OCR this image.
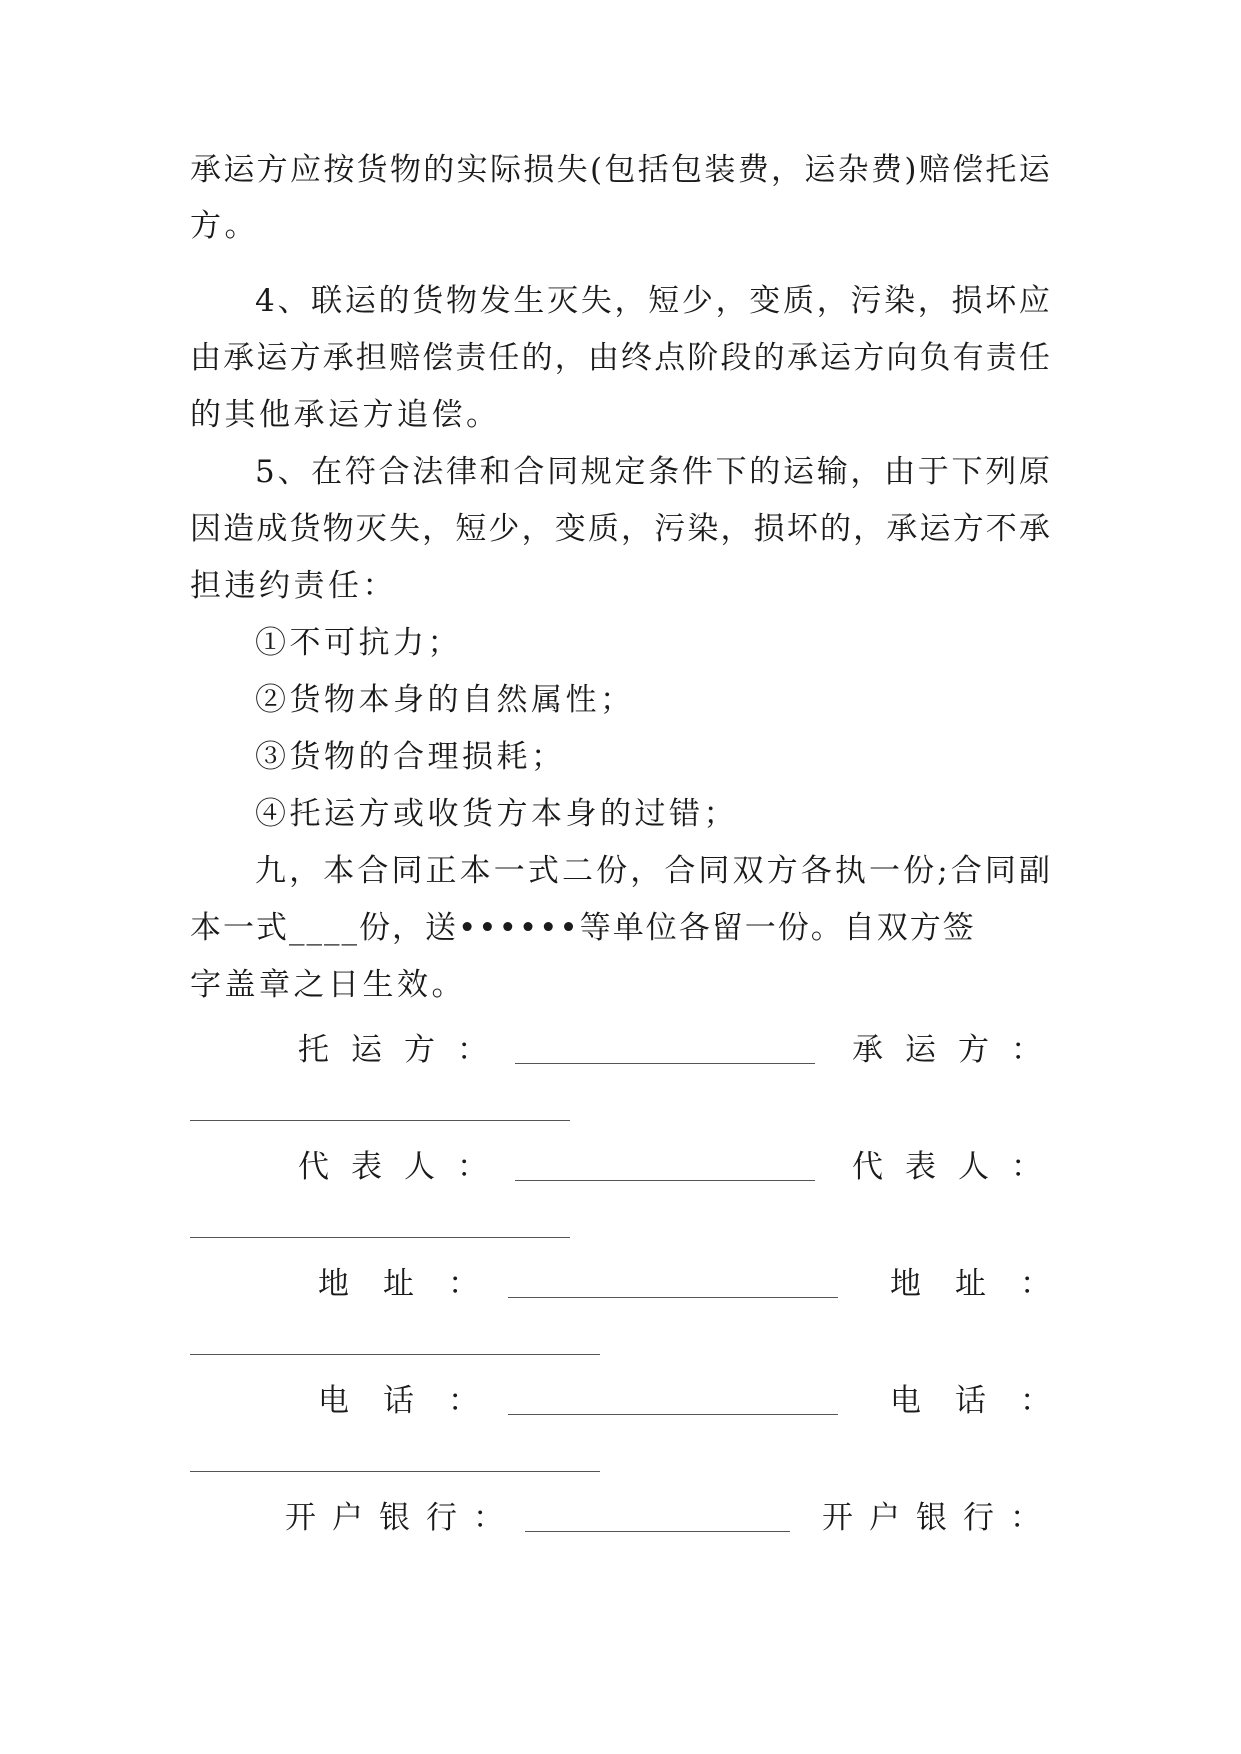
承 运 方 应 按 货 物 的 实 际 损 失 ( 包 括 包 装 费 ， 运 杂 费 ) 赔 偿 托 运
方。
4 、 联 运 的 货 物 发 生 灭 失 ， 短 少 ， 变 质 ， 污 染 ， 损 坏 应
由 承 运 方 承 担 赔 偿 责 任 的 ， 由 终 点 阶 段 的 承 运 方 向 负 有 责 任
的其他承运方追偿。
5 、 在 符 合 法 律 和 合 同 规 定 条 件 下 的 运 输 ， 由 于 下 列 原
因 造 成 货 物 灭 失 ， 短 少 ， 变 质 ， 污 染 ， 损 坏 的 ， 承 运 方 不 承
担违约责任：
①不可抗力；
②货物本身的自然属性；
③货物的合理损耗；
④托运方或收货方本身的过错；
九 ， 本 合 同 正 本 一 式 二 份 ， 合 同 双 方 各 执 一 份 ; 合 同 副
本一式____份，送••••••等单位各留一份。自双方签
字盖章之日生效。
托运方：	承运方：
代表人：	代表人：
地址：	地址：
电话：	电话：
开户银行：	开户银行：
